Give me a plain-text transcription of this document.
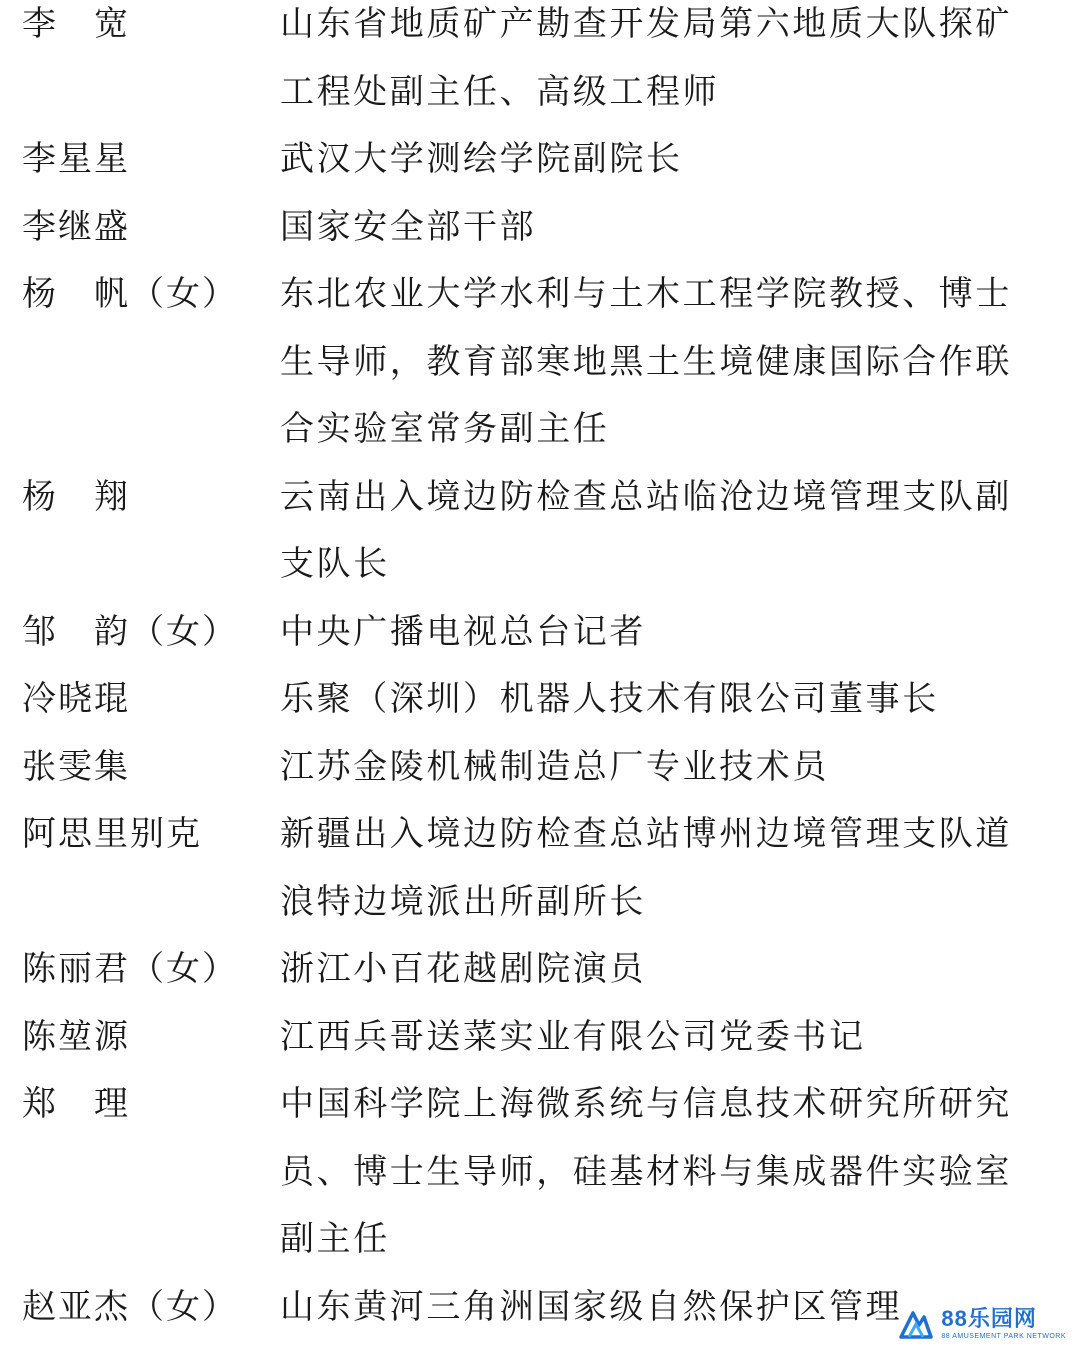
李　宽	山东省地质矿产勘查开发局第六地质大队探矿
工程处副主任、高级工程师
李星星	武汉大学测绘学院副院长
李继盛	国家安全部干部
杨　帆（女）	东北农业大学水利与土木工程学院教授、博士
生导师，教育部寒地黑土生境健康国际合作联
合实验室常务副主任
杨　翔	云南出入境边防检查总站临沧边境管理支队副
支队长
邹　韵（女）	中央广播电视总台记者
冷晓琨	乐聚（深圳）机器人技术有限公司董事长
张雯集	江苏金陵机械制造总厂专业技术员
阿思里别克	新疆出入境边防检查总站博州边境管理支队道
浪特边境派出所副所长
陈丽君（女）	浙江小百花越剧院演员
陈堃源	江西兵哥送菜实业有限公司党委书记
郑　理	中国科学院上海微系统与信息技术研究所研究
员、博士生导师，硅基材料与集成器件实验室
副主任
赵亚杰（女）	山东黄河三角洲国家级自然保护区管理	88乐园网
88 AMUSEMENT PARK NETWORK
